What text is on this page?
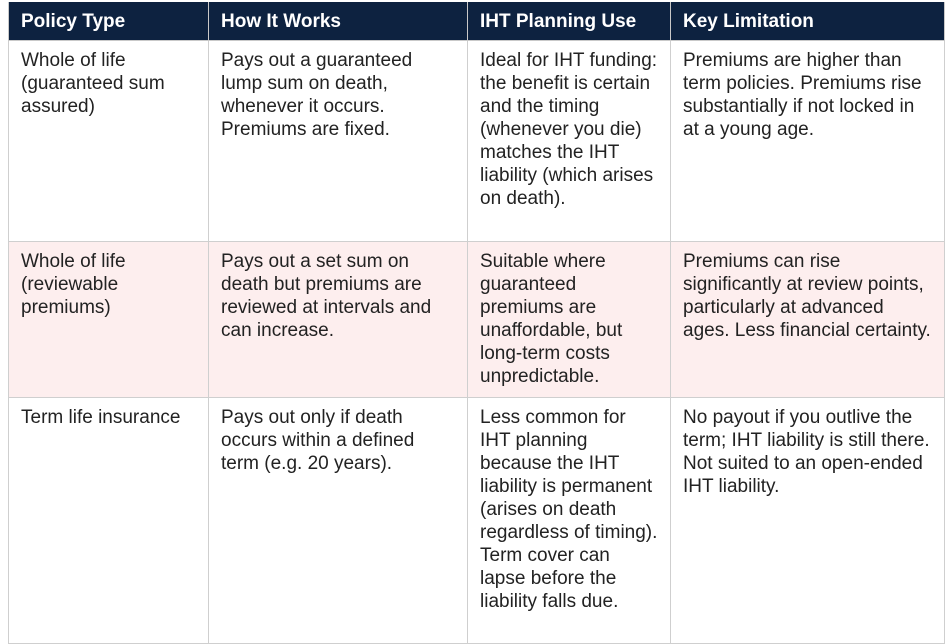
Policy Type	How It Works	IHT Planning Use	Key Limitation
Whole of life (guaranteed sum assured)	Pays out a guaranteed lump sum on death, whenever it occurs. Premiums are fixed.	Ideal for IHT funding: the benefit is certain and the timing (whenever you die) matches the IHT liability (which arises on death).	Premiums are higher than term policies. Premiums rise substantially if not locked in at a young age.
Whole of life (reviewable premiums)	Pays out a set sum on death but premiums are reviewed at intervals and can increase.	Suitable where guaranteed premiums are unaffordable, but long-term costs unpredictable.	Premiums can rise significantly at review points, particularly at advanced ages. Less financial certainty.
Term life insurance	Pays out only if death occurs within a defined term (e.g. 20 years).	Less common for IHT planning because the IHT liability is permanent (arises on death regardless of timing). Term cover can lapse before the liability falls due.	No payout if you outlive the term; IHT liability is still there. Not suited to an open-ended IHT liability.
